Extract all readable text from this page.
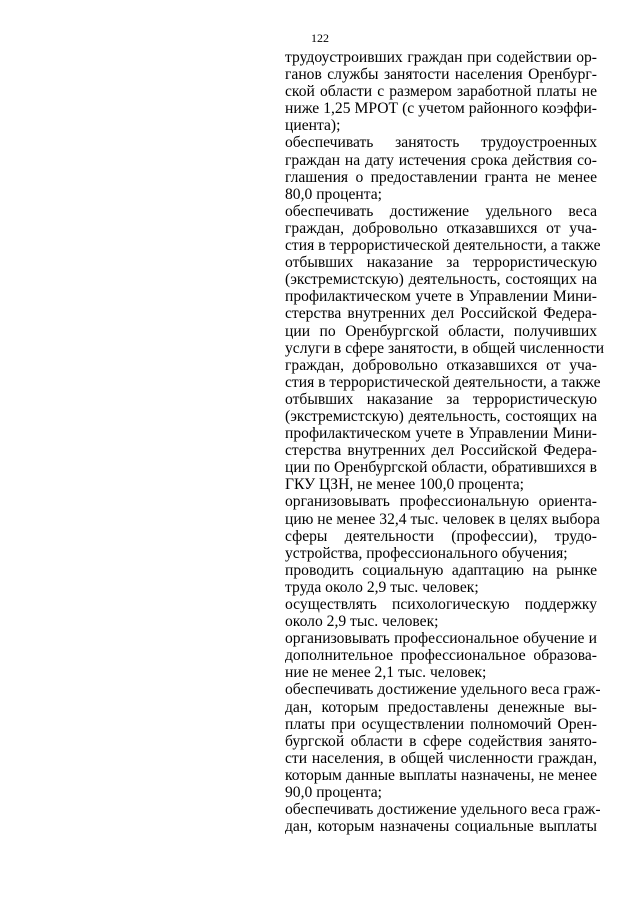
122
трудоустроивших граждан при содействии ор-
ганов службы занятости населения Оренбург-
ской области с размером заработной платы не
ниже 1,25 МРОТ (с учетом районного коэффи-
циента);
обеспечивать занятость трудоустроенных
граждан на дату истечения срока действия со-
глашения о предоставлении гранта не менее
80,0 процента;
обеспечивать достижение удельного веса
граждан, добровольно отказавшихся от уча-
стия в террористической деятельности, а также
отбывших наказание за террористическую
(экстремистскую) деятельность, состоящих на
профилактическом учете в Управлении Мини-
стерства внутренних дел Российской Федера-
ции по Оренбургской области, получивших
услуги в сфере занятости, в общей численности
граждан, добровольно отказавшихся от уча-
стия в террористической деятельности, а также
отбывших наказание за террористическую
(экстремистскую) деятельность, состоящих на
профилактическом учете в Управлении Мини-
стерства внутренних дел Российской Федера-
ции по Оренбургской области, обратившихся в
ГКУ ЦЗН, не менее 100,0 процента;
организовывать профессиональную ориента-
цию не менее 32,4 тыс. человек в целях выбора
сферы деятельности (профессии), трудо-
устройства, профессионального обучения;
проводить социальную адаптацию на рынке
труда около 2,9 тыс. человек;
осуществлять психологическую поддержку
около 2,9 тыс. человек;
организовывать профессиональное обучение и
дополнительное профессиональное образова-
ние не менее 2,1 тыс. человек;
обеспечивать достижение удельного веса граж-
дан, которым предоставлены денежные вы-
платы при осуществлении полномочий Орен-
бургской области в сфере содействия занято-
сти населения, в общей численности граждан,
которым данные выплаты назначены, не менее
90,0 процента;
обеспечивать достижение удельного веса граж-
дан, которым назначены социальные выплаты
